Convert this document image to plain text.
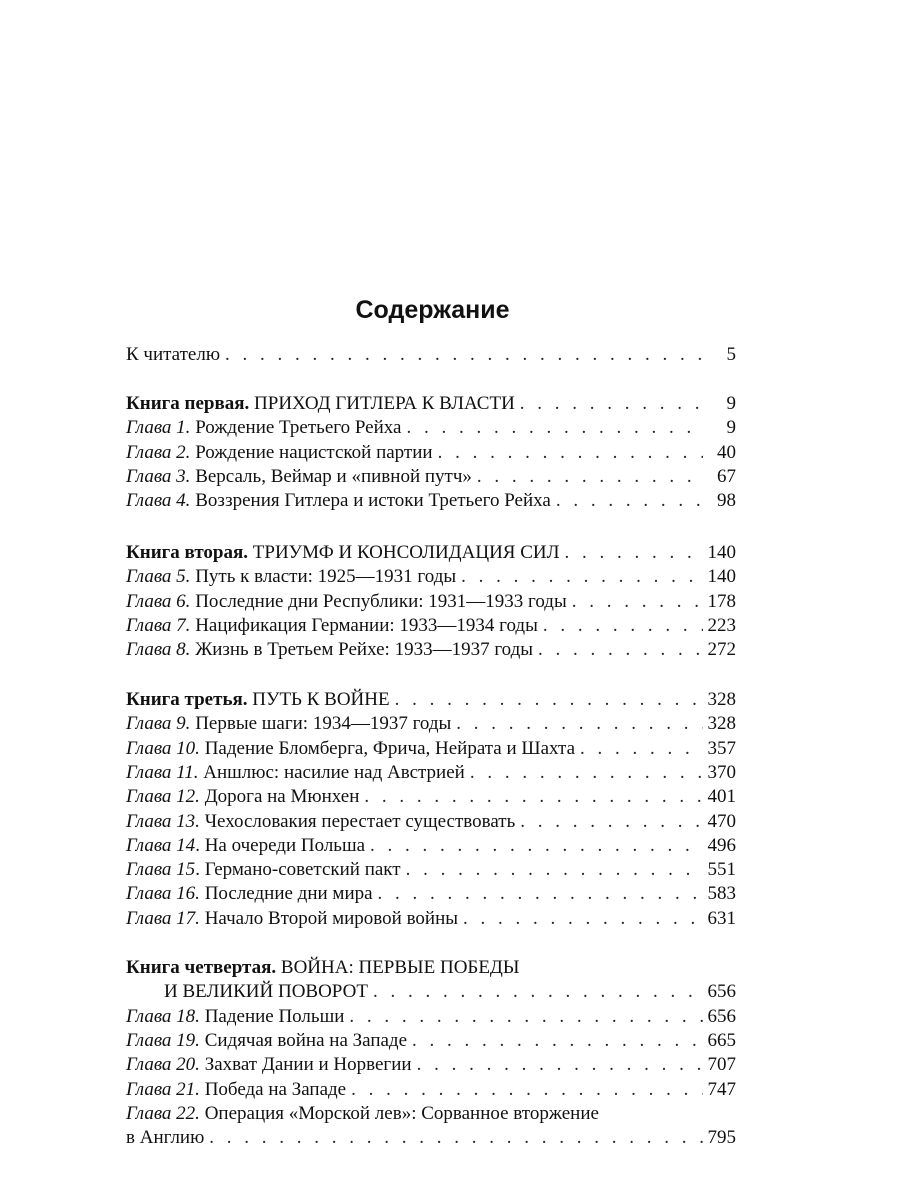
Содержание
К читателю . . .	5
Книга первая. ПРИХОД ГИТЛЕРА К ВЛАСТИ . . .	9
Глава 1. Рождение Третьего Рейха . . .	9
Глава 2. Рождение нацистской партии . . .	40
Глава 3. Версаль, Веймар и «пивной путч» . . .	67
Глава 4. Воззрения Гитлера и истоки Третьего Рейха . . .	98
Книга вторая. ТРИУМФ И КОНСОЛИДАЦИЯ СИЛ . . .	140
Глава 5. Путь к власти: 1925—1931 годы . . .	140
Глава 6. Последние дни Республики: 1931—1933 годы . . .	178
Глава 7. Нацификация Германии: 1933—1934 годы . . .	223
Глава 8. Жизнь в Третьем Рейхе: 1933—1937 годы . . .	272
Книга третья. ПУТЬ К ВОЙНЕ . . .	328
Глава 9. Первые шаги: 1934—1937 годы . . .	328
Глава 10. Падение Бломберга, Фрича, Нейрата и Шахта . . .	357
Глава 11. Аншлюс: насилие над Австрией . . .	370
Глава 12. Дорога на Мюнхен . . .	401
Глава 13. Чехословакия перестает существовать . . .	470
Глава 14. На очереди Польша . . .	496
Глава 15. Германо-советский пакт . . .	551
Глава 16. Последние дни мира . . .	583
Глава 17. Начало Второй мировой войны . . .	631
Книга четвертая. ВОЙНА: ПЕРВЫЕ ПОБЕДЫ
И ВЕЛИКИЙ ПОВОРОТ . . .	656
Глава 18. Падение Польши . . .	656
Глава 19. Сидячая война на Западе . . .	665
Глава 20. Захват Дании и Норвегии . . .	707
Глава 21. Победа на Западе . . .	747
Глава 22. Операция «Морской лев»: Сорванное вторжение
в Англию . . .	795
